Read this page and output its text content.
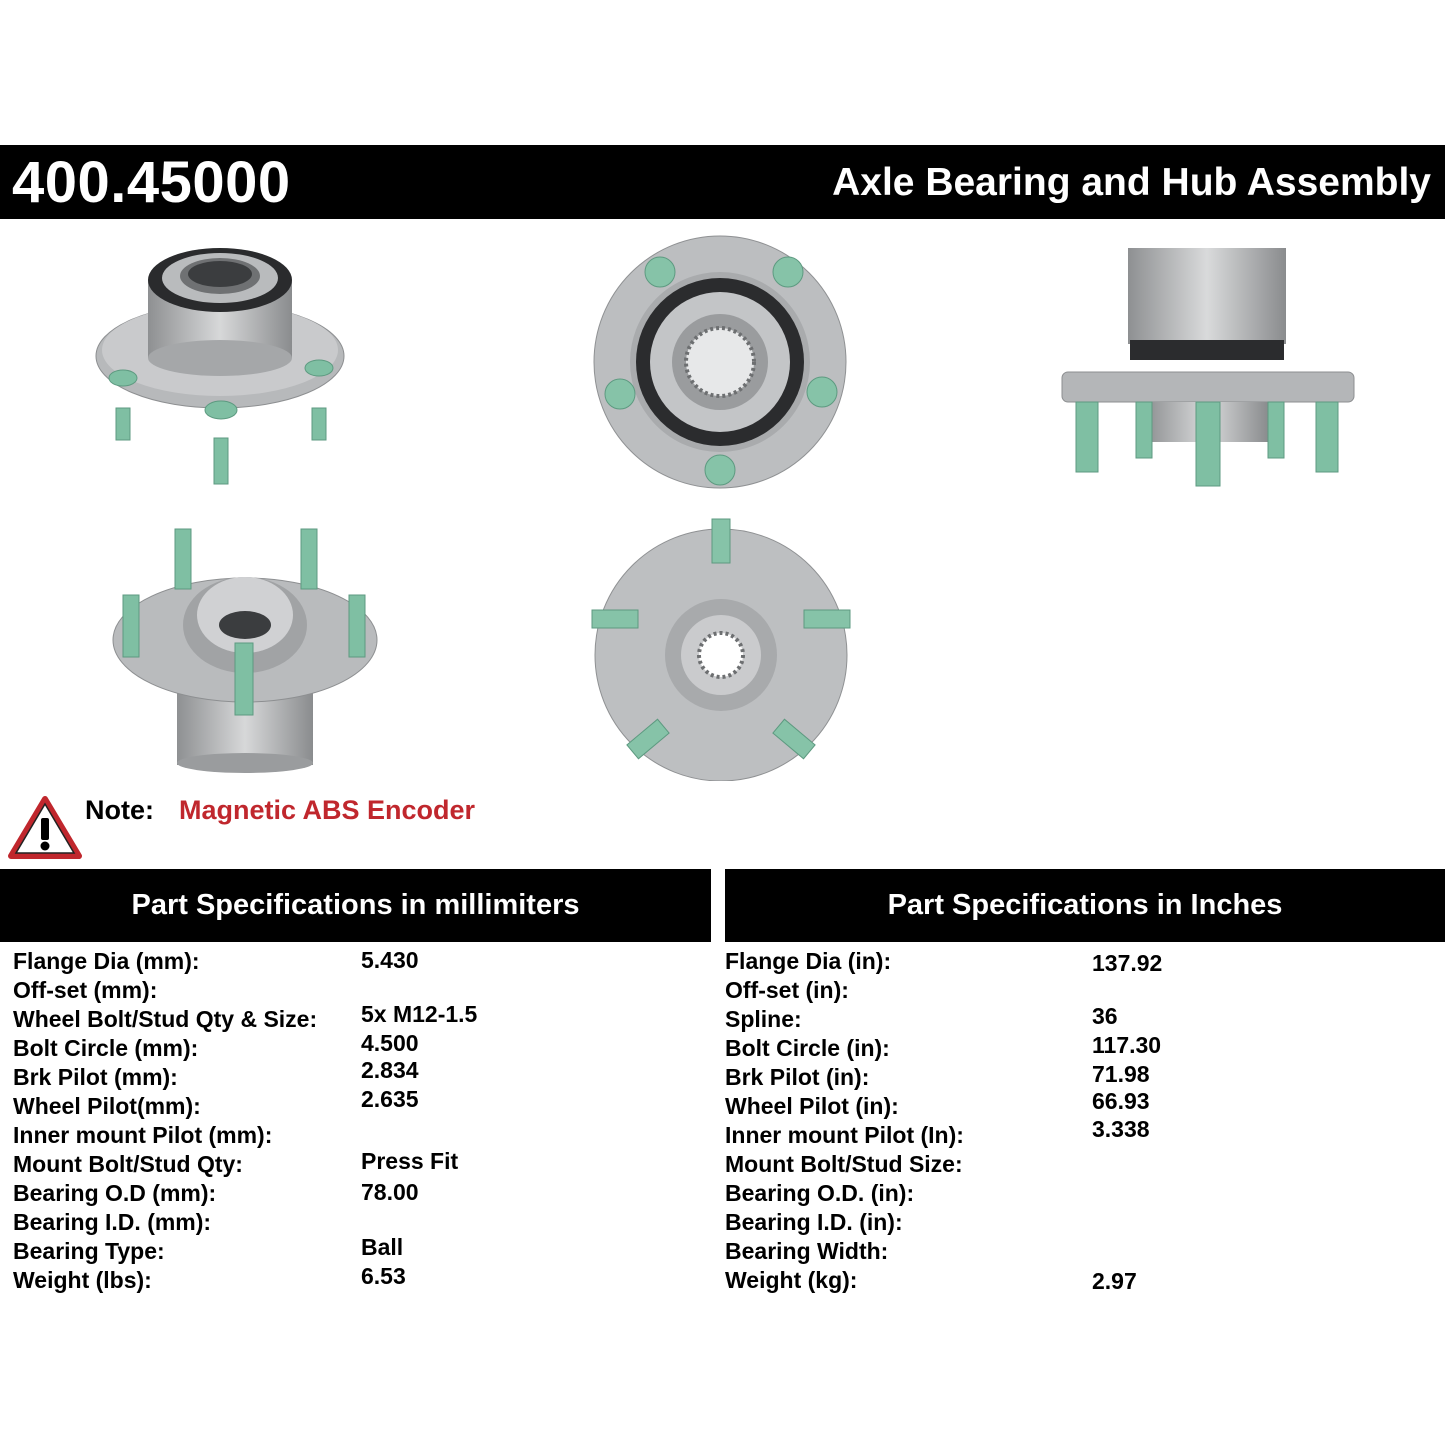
400.45000	Axle Bearing and Hub Assembly
Note: Magnetic ABS Encoder
Part Specifications in millimiters	Part Specifications in Inches
Flange Dia (mm):	5.430
Off-set (mm):
Wheel Bolt/Stud Qty & Size: 5x M12-1.5
Bolt Circle (mm):	4.500
Brk Pilot (mm):	2.834
Wheel Pilot(mm):	2.635
Inner mount Pilot (mm):
Mount Bolt/Stud Qty:	Press Fit
Bearing O.D (mm):	78.00
Bearing I.D. (mm):
Bearing Type:	Ball
Weight (lbs):	6.53
Flange Dia (in):	137.92
Off-set (in):
Spline:	36
Bolt Circle (in):	117.30
Brk Pilot (in):	71.98
Wheel Pilot (in):	66.93
Inner mount Pilot (In):	3.338
Mount Bolt/Stud Size:
Bearing O.D. (in):
Bearing I.D. (in):
Bearing Width:
Weight (kg):	2.97
